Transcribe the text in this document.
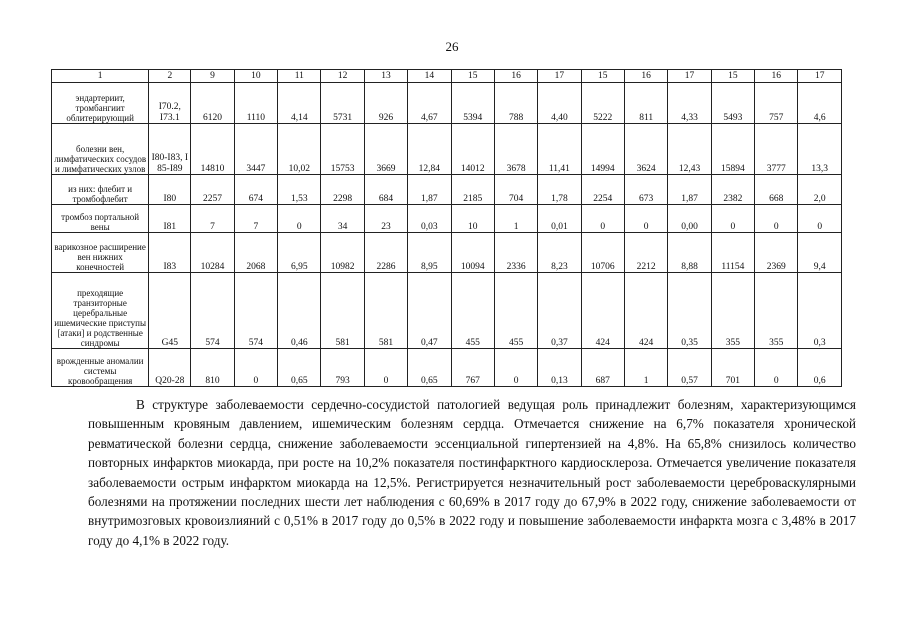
26
1	2	9	10	11	12	13	14	15	16	17	15	16	17	15	16	17
эндартериит, тромбангиит облитерирующий	I70.2, I73.1	6120	1110	4,14	5731	926	4,67	5394	788	4,40	5222	811	4,33	5493	757	4,6
болезни вен, лимфатических сосудов и лимфатических узлов	I80-I83, I 85-I89	14810	3447	10,02	15753	3669	12,84	14012	3678	11,41	14994	3624	12,43	15894	3777	13,3
из них: флебит и тромбофлебит	I80	2257	674	1,53	2298	684	1,87	2185	704	1,78	2254	673	1,87	2382	668	2,0
тромбоз портальной вены	I81	7	7	0	34	23	0,03	10	1	0,01	0	0	0,00	0	0	0
варикозное расширение вен нижних конечностей	I83	10284	2068	6,95	10982	2286	8,95	10094	2336	8,23	10706	2212	8,88	11154	2369	9,4
преходящие транзиторные церебральные ишемические приступы [атаки] и родственные синдромы	G45	574	574	0,46	581	581	0,47	455	455	0,37	424	424	0,35	355	355	0,3
врожденные аномалии системы кровообращения	Q20-28	810	0	0,65	793	0	0,65	767	0	0,13	687	1	0,57	701	0	0,6

В структуре заболеваемости сердечно-сосудистой патологией ведущая роль принадлежит болезням, характеризующимся повышенным кровяным давлением, ишемическим болезням сердца. Отмечается снижение на 6,7% показателя хронической ревматической болезни сердца, снижение заболеваемости эссенциальной гипертензией на 4,8%. На 65,8% снизилось количество повторных инфарктов миокарда, при росте на 10,2% показателя постинфарктного кардиосклероза. Отмечается увеличение показателя заболеваемости острым инфарктом миокарда на 12,5%. Регистрируется незначительный рост заболеваемости цереброваскулярными болезнями на протяжении последних шести лет наблюдения с 60,69% в 2017 году до 67,9% в 2022 году, снижение заболеваемости от внутримозговых кровоизлияний с 0,51% в 2017 году до 0,5% в 2022 году и повышение заболеваемости инфаркта мозга с 3,48% в 2017 году до 4,1% в 2022 году.
